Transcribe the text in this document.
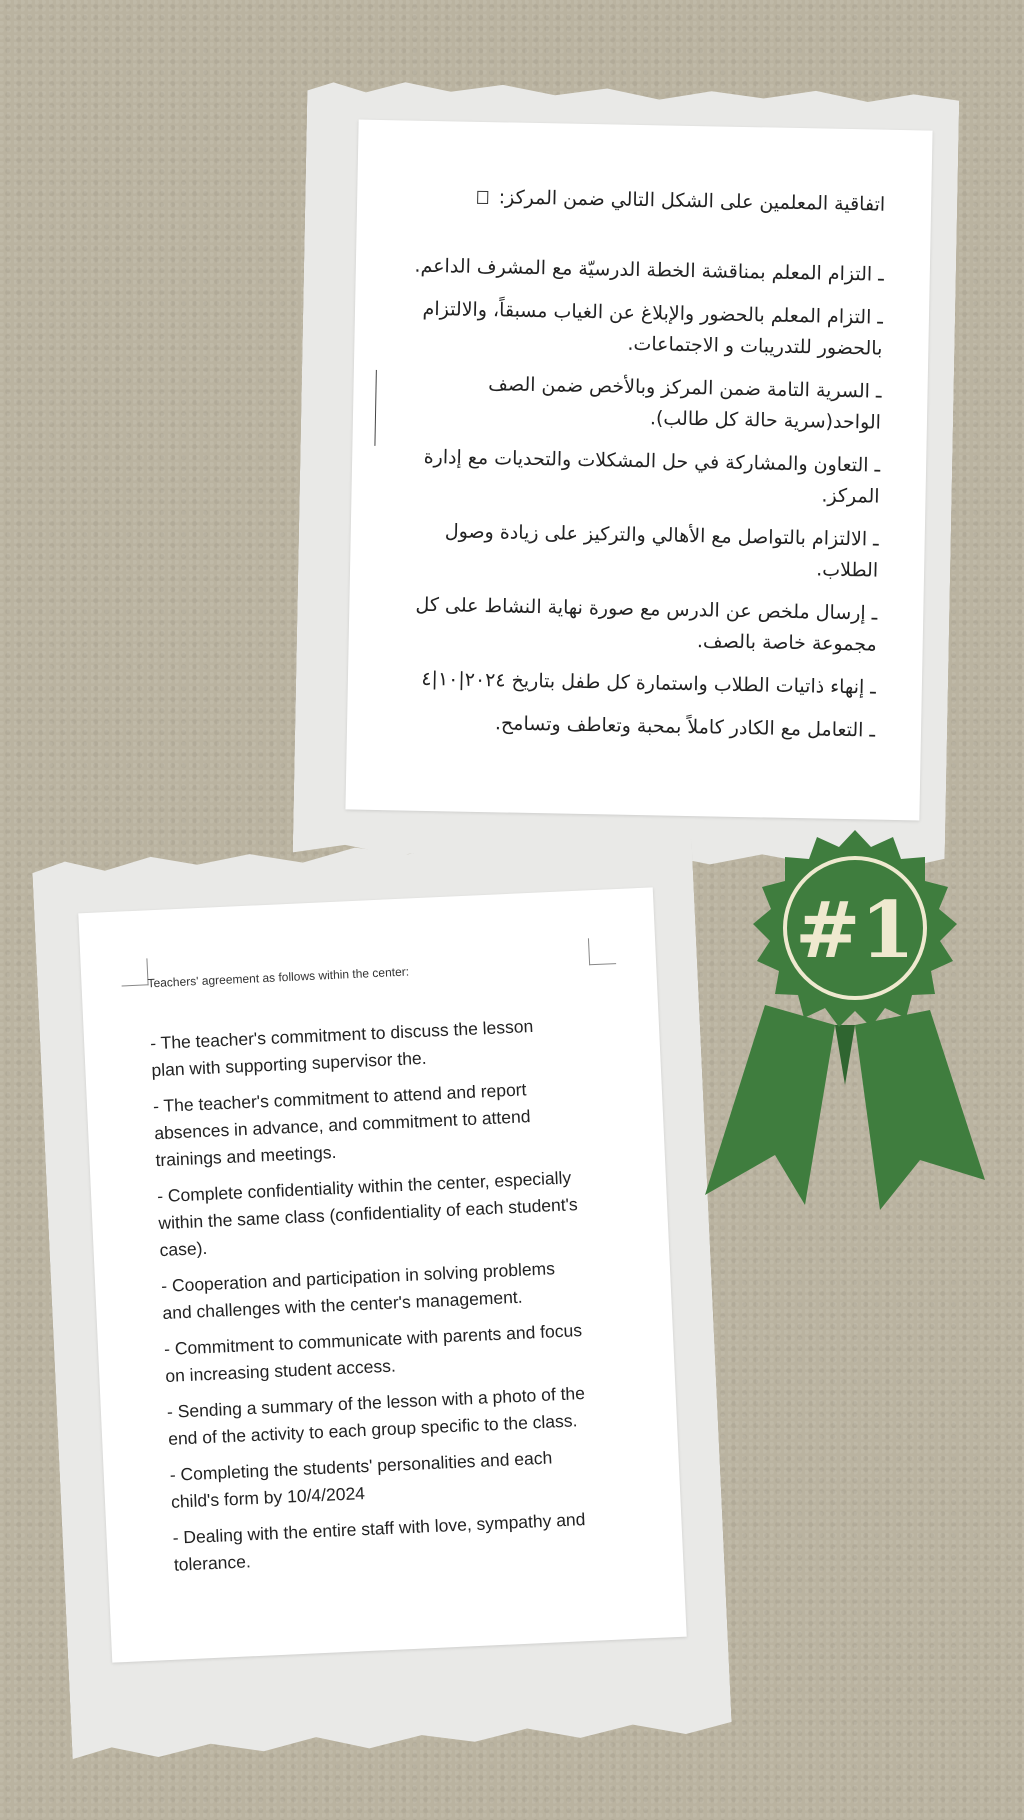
اتفاقية المعلمين على الشكل التالي ضمن المركز:
ـ التزام المعلم بمناقشة الخطة الدرسيّة مع المشرف الداعم.
ـ التزام المعلم بالحضور والإبلاغ عن الغياب مسبقاً، والالتزام بالحضور للتدريبات و الاجتماعات.
ـ السرية التامة ضمن المركز وبالأخص ضمن الصف الواحد(سرية حالة كل طالب).
ـ التعاون والمشاركة في حل المشكلات والتحديات مع إدارة المركز.
ـ الالتزام بالتواصل مع الأهالي والتركيز على زيادة وصول الطلاب.
ـ إرسال ملخص عن الدرس مع صورة نهاية النشاط على كل مجموعة خاصة بالصف.
ـ إنهاء ذاتيات الطلاب واستمارة كل طفل بتاريخ ٢٠٢٤|١٠|٤
ـ التعامل مع الكادر كاملاً بمحبة وتعاطف وتسامح.
Teachers' agreement as follows within the center:
- The teacher's commitment to discuss the lesson plan with supporting supervisor the.
- The teacher's commitment to attend and report absences in advance, and commitment to attend trainings and meetings.
- Complete confidentiality within the center, especially within the same class (confidentiality of each student's case).
- Cooperation and participation in solving problems and challenges with the center's management.
- Commitment to communicate with parents and focus on increasing student access.
- Sending a summary of the lesson with a photo of the end of the activity to each group specific to the class.
- Completing the students' personalities and each child's form by 10/4/2024
- Dealing with the entire staff with love, sympathy and tolerance.
#1
